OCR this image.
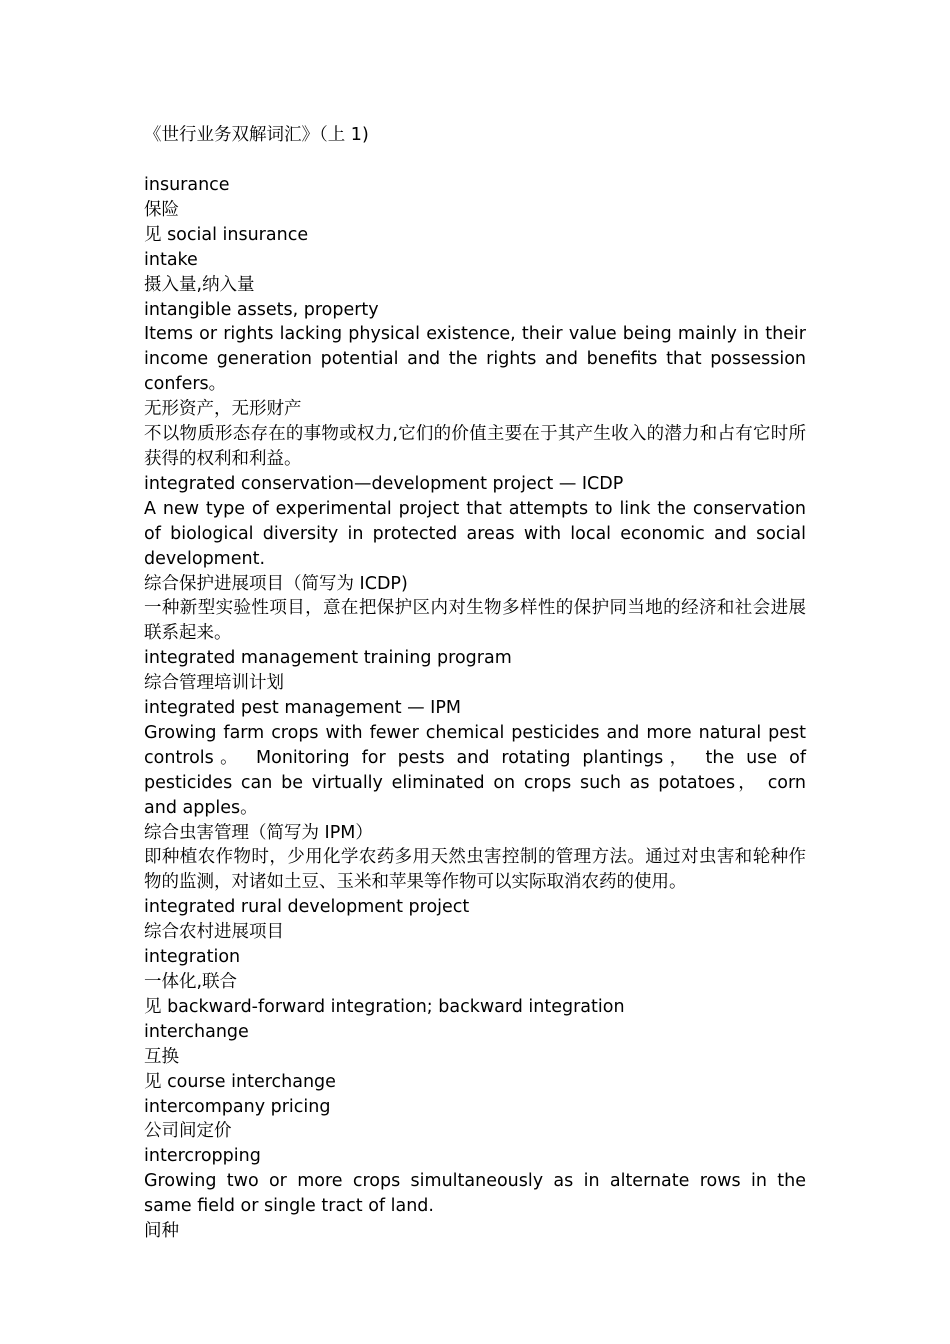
《世行业务双解词汇》（上 1)

insurance

保险

见 social insurance

intake

摄入量,纳入量

intangible assets, property

Items or rights lacking physical existence, their value being mainly in their income generation potential and the rights and benefits that possession confers。

无形资产，无形财产

不以物质形态存在的事物或权力,它们的价值主要在于其产生收入的潜力和占有它时所获得的权利和利益。

integrated conservation—development project — ICDP

A new type of experimental project that attempts to link the conservation of biological diversity in protected areas with local economic and social development.

综合保护进展项目（简写为 ICDP)

一种新型实验性项目，意在把保护区内对生物多样性的保护同当地的经济和社会进展联系起来。

integrated management training program

综合管理培训计划

integrated pest management — IPM

Growing farm crops with fewer chemical pesticides and more natural pest controls。 Monitoring for pests and rotating plantings， the use of pesticides can be virtually eliminated on crops such as potatoes， corn and apples。

综合虫害管理（简写为 IPM）

即种植农作物时，少用化学农药多用天然虫害控制的管理方法。通过对虫害和轮种作物的监测，对诸如土豆、玉米和苹果等作物可以实际取消农药的使用。

integrated rural development project

综合农村进展项目

integration

一体化,联合

见 backward-forward integration; backward integration

interchange

互换

见 course interchange

intercompany pricing

公司间定价

intercropping

Growing two or more crops simultaneously as in alternate rows in the same field or single tract of land.

间种
